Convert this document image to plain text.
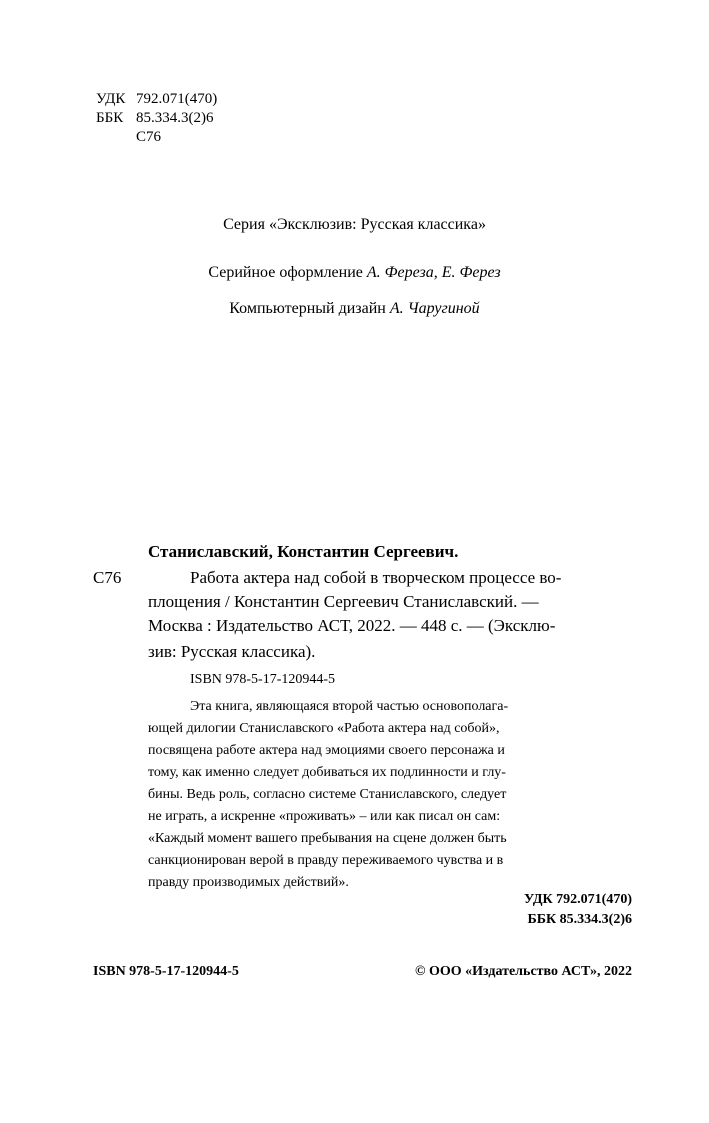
УДК 792.071(470)
ББК 85.334.3(2)6
С76
Серия «Эксклюзив: Русская классика»
Серийное оформление А. Фереза, Е. Ферез
Компьютерный дизайн А. Чаругиной
Станиславский, Константин Сергеевич.
С76	Работа актера над собой в творческом процессе во-
площения / Константин Сергеевич Станиславский. —
Москва : Издательство АСТ, 2022. — 448 с. — (Эксклю-
зив: Русская классика).
ISBN 978-5-17-120944-5
Эта книга, являющаяся второй частью основополага-
ющей дилогии Станиславского «Работа актера над собой»,
посвящена работе актера над эмоциями своего персонажа и
тому, как именно следует добиваться их подлинности и глу-
бины. Ведь роль, согласно системе Станиславского, следует
не играть, а искренне «проживать» – или как писал он сам:
«Каждый момент вашего пребывания на сцене должен быть
санкционирован верой в правду переживаемого чувства и в
правду производимых действий».
УДК 792.071(470)
ББК 85.334.3(2)6
ISBN 978-5-17-120944-5	© ООО «Издательство АСТ», 2022
